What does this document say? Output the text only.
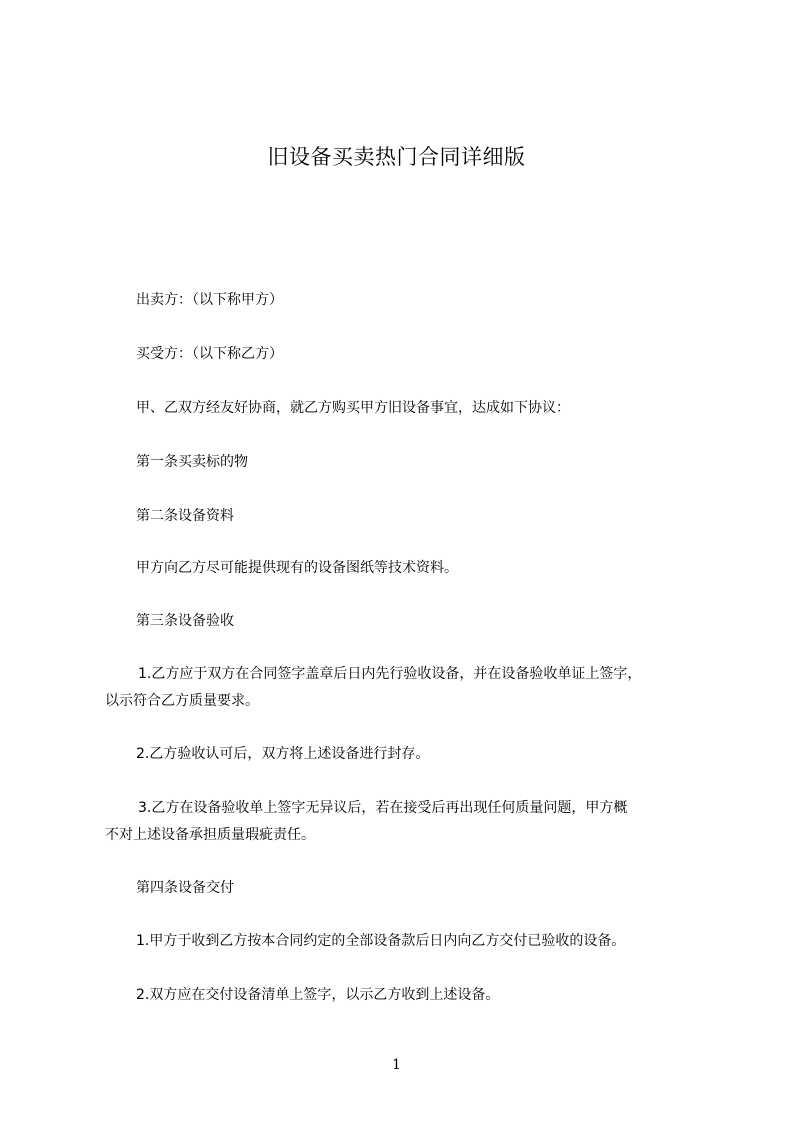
旧设备买卖热门合同详细版
出卖方：（以下称甲方）
买受方：（以下称乙方）
甲、乙双方经友好协商，就乙方购买甲方旧设备事宜，达成如下协议：
第一条买卖标的物
第二条设备资料
甲方向乙方尽可能提供现有的设备图纸等技术资料。
第三条设备验收
1.乙方应于双方在合同签字盖章后日内先行验收设备，并在设备验收单证上签字，
以示符合乙方质量要求。
2.乙方验收认可后，双方将上述设备进行封存。
3.乙方在设备验收单上签字无异议后，若在接受后再出现任何质量问题，甲方概
不对上述设备承担质量瑕疵责任。
第四条设备交付
1.甲方于收到乙方按本合同约定的全部设备款后日内向乙方交付已验收的设备。
2.双方应在交付设备清单上签字，以示乙方收到上述设备。
1
